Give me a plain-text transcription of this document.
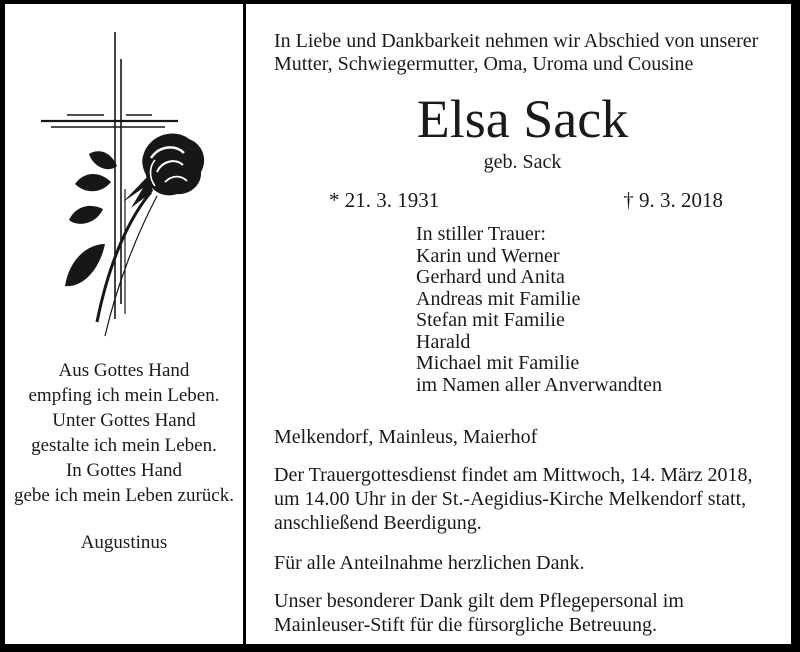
Aus Gottes Hand
empfing ich mein Leben.
Unter Gottes Hand
gestalte ich mein Leben.
In Gottes Hand
gebe ich mein Leben zurück.
Augustinus
In Liebe und Dankbarkeit nehmen wir Abschied von unserer
Mutter, Schwiegermutter, Oma, Uroma und Cousine
Elsa Sack
geb. Sack
* 21. 3. 1931	† 9. 3. 2018
In stiller Trauer:
Karin und Werner
Gerhard und Anita
Andreas mit Familie
Stefan mit Familie
Harald
Michael mit Familie
im Namen aller Anverwandten
Melkendorf, Mainleus, Maierhof
Der Trauergottesdienst findet am Mittwoch, 14. März 2018,
um 14.00 Uhr in der St.-Aegidius-Kirche Melkendorf statt,
anschließend Beerdigung.
Für alle Anteilnahme herzlichen Dank.
Unser besonderer Dank gilt dem Pflegepersonal im
Mainleuser-Stift für die fürsorgliche Betreuung.
